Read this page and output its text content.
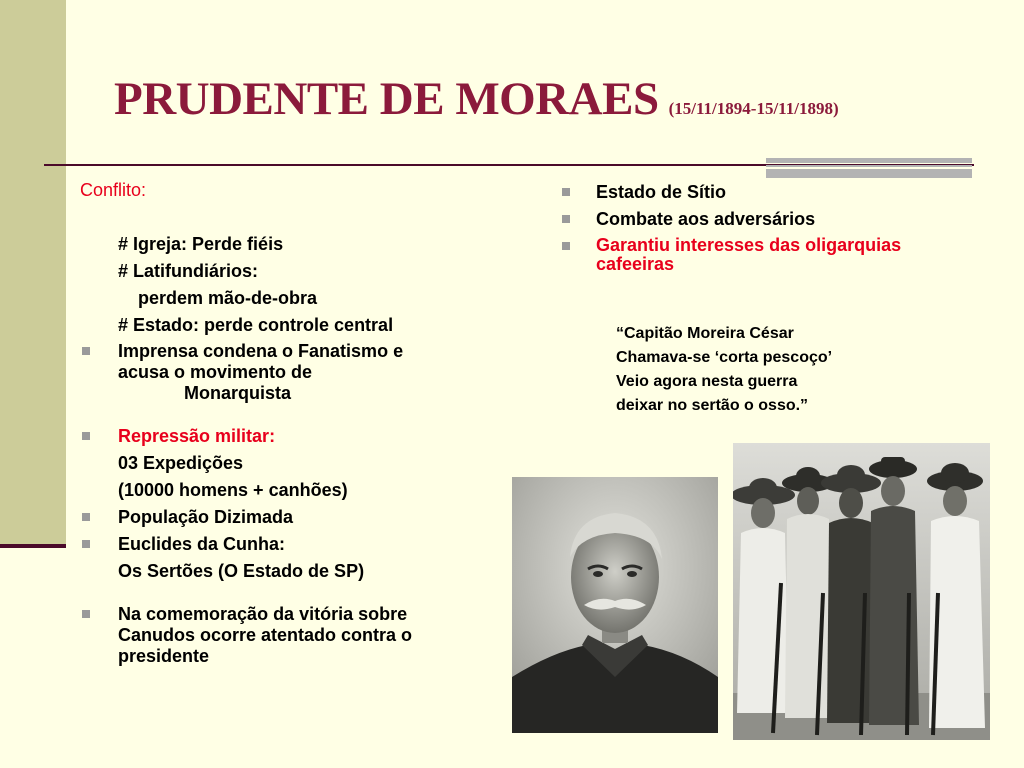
PRUDENTE DE MORAES (15/11/1894-15/11/1898)
Conflito:
# Igreja: Perde fiéis
# Latifundiários:
perdem mão-de-obra
# Estado: perde controle central
Imprensa condena o Fanatismo e
acusa o movimento de
Monarquista
Repressão militar:
03 Expedições
(10000 homens + canhões)
População Dizimada
Euclides da Cunha:
Os Sertões (O Estado de SP)
Na comemoração da vitória sobre
Canudos ocorre atentado contra o
presidente
Estado de Sítio
Combate aos adversários
Garantiu interesses das oligarquias
cafeeiras
“Capitão Moreira César
Chamava-se ‘corta pescoço’
Veio agora nesta guerra
deixar no sertão o osso.”
